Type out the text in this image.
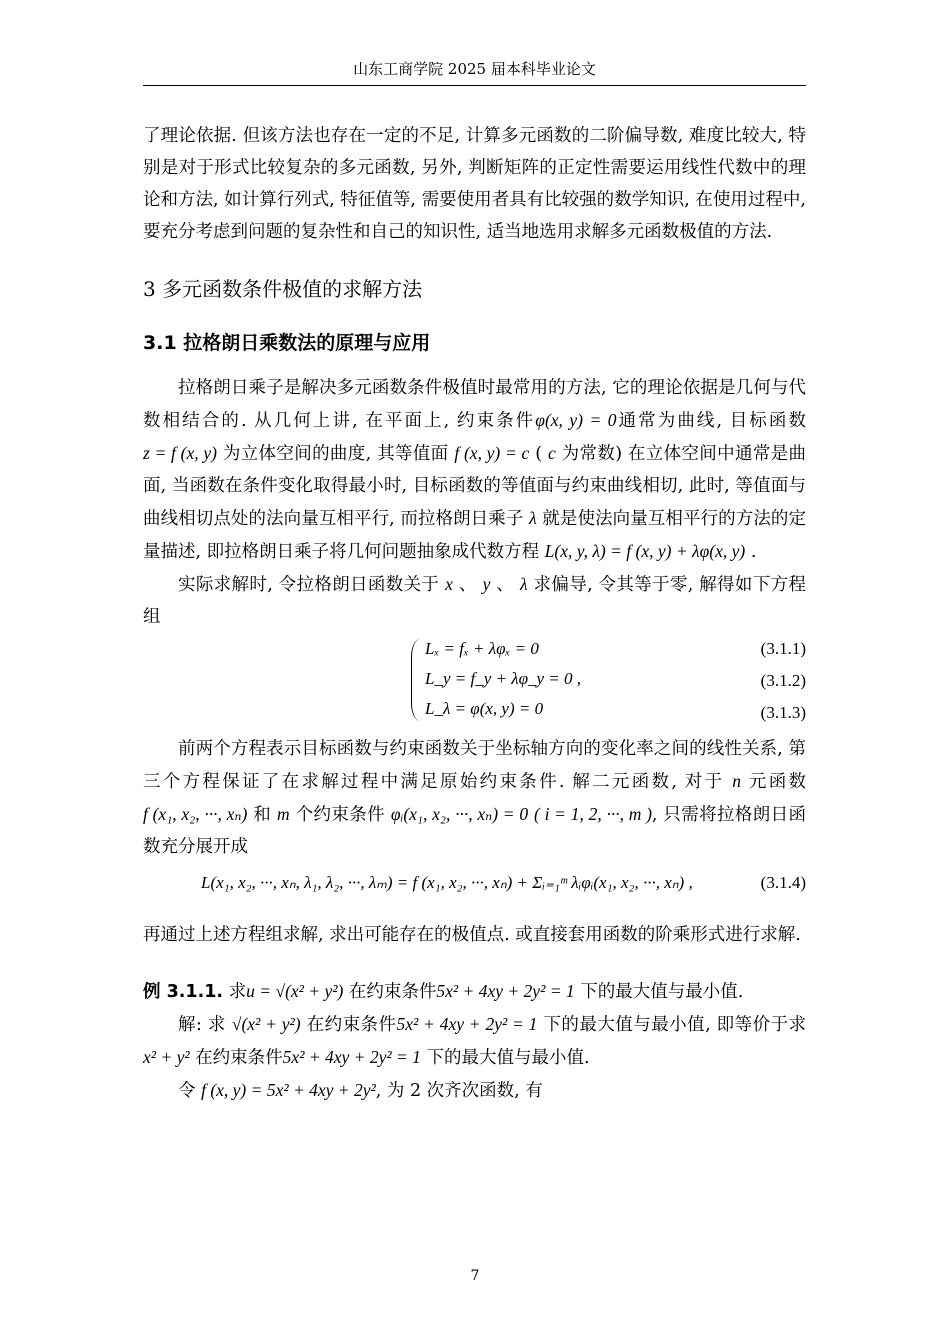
山东工商学院 2025 届本科毕业论文

了理论依据. 但该方法也存在一定的不足, 计算多元函数的二阶偏导数, 难度比较大, 特别是对于形式比较复杂的多元函数, 另外, 判断矩阵的正定性需要运用线性代数中的理论和方法, 如计算行列式, 特征值等, 需要使用者具有比较强的数学知识, 在使用过程中, 要充分考虑到问题的复杂性和自己的知识性, 适当地选用求解多元函数极值的方法.

3 多元函数条件极值的求解方法
3.1 拉格朗日乘数法的原理与应用

拉格朗日乘子是解决多元函数条件极值时最常用的方法, 它的理论依据是几何与代数相结合的. 从几何上讲, 在平面上, 约束条件φ(x, y) = 0通常为曲线, 目标函数 z = f (x, y) 为立体空间的曲度, 其等值面 f (x, y) = c ( c 为常数) 在立体空间中通常是曲面, 当函数在条件变化取得最小时, 目标函数的等值面与约束曲线相切, 此时, 等值面与曲线相切点处的法向量互相平行, 而拉格朗日乘子 λ 就是使法向量互相平行的方法的定量描述, 即拉格朗日乘子将几何问题抽象成代数方程 L(x, y, λ) = f (x, y) + λφ(x, y) .

实际求解时, 令拉格朗日函数关于 x 、 y 、 λ 求偏导, 令其等于零, 解得如下方程组

Lₓ = fₓ + λφₓ = 0	(3.1.1)
L_y = f_y + λφ_y = 0 ,	(3.1.2)
L_λ = φ(x, y) = 0	(3.1.3)

前两个方程表示目标函数与约束函数关于坐标轴方向的变化率之间的线性关系, 第三个方程保证了在求解过程中满足原始约束条件. 解二元函数, 对于 n 元函数 f (x₁, x₂, ···, xₙ) 和 m 个约束条件 φᵢ(x₁, x₂, ···, xₙ) = 0 ( i = 1, 2, ···, m ), 只需将拉格朗日函数充分展开成

L(x₁, x₂, ···, xₙ, λ₁, λ₂, ···, λₘ) = f (x₁, x₂, ···, xₙ) + Σᵢ₌₁ᵐ λᵢφᵢ(x₁, x₂, ···, xₙ) ,	(3.1.4)

再通过上述方程组求解, 求出可能存在的极值点. 或直接套用函数的阶乘形式进行求解.

例 3.1.1. 求u = √(x² + y²) 在约束条件5x² + 4xy + 2y² = 1 下的最大值与最小值.

解: 求 √(x² + y²) 在约束条件5x² + 4xy + 2y² = 1 下的最大值与最小值, 即等价于求x² + y² 在约束条件5x² + 4xy + 2y² = 1 下的最大值与最小值.

令 f (x, y) = 5x² + 4xy + 2y², 为 2 次齐次函数, 有

7
